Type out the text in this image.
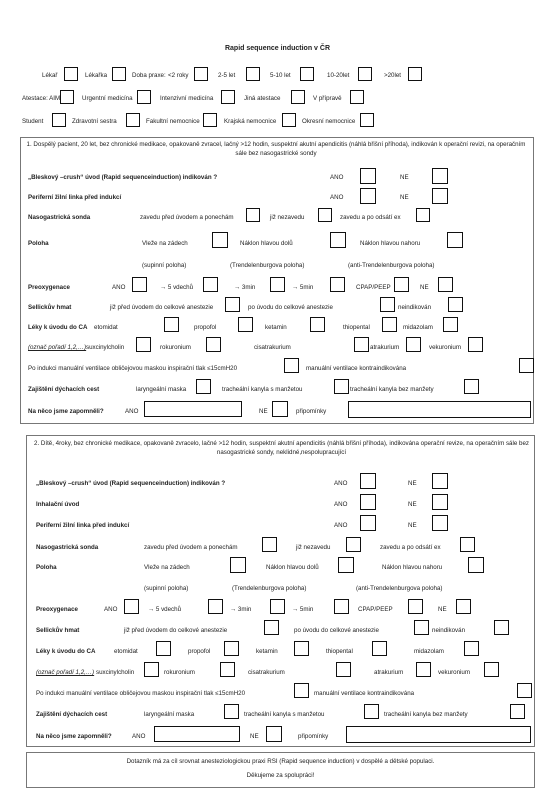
Rapid sequence induction v ČR
Lékař	Lékařka	Doba praxe: <2 roky	2-5 let	5-10 let	10-20let	>20let
Atestace: AIM	Urgentní medicína	Intenzivní medicína	Jiná atestace	V přípravě
Student	Zdravotní sestra	Fakultní nemocnice	Krajská nemocnice	Okresní nemocnice
1. Dospělý pacient, 20 let, bez chronické medikace, opakovaně zvracel, lačný >12 hodin, suspektní akutní apendicitis (náhlá břišní příhoda), indikován k operační revizi, na operačním sále bez nasogastrické sondy
„Bleskový –crush“ úvod (Rapid sequenceinduction) indikován ?	ANO	NE
Periferní žilní linka před indukcí	ANO	NE
Nasogastrická sonda	zavedu před úvodem a ponechám	již nezavedu	zavedu a po odsátí ex
Poloha	Vleže na zádech	Náklon hlavou dolů	Náklon hlavou nahoru
(supinní poloha)	(Trendelenburgova poloha)	(anti-Trendelenburgova poloha)
Preoxygenace	ANO	→ 5 vdechů	→ 3min	→ 5min	CPAP/PEEP	NE
Sellickův hmat	již před úvodem do celkové anestezie	po úvodu do celkové anestezie	neindikován
Léky k úvodu do CA etomidat	propofol	ketamin	thiopental	midazolam
(označ pořadí 1,2,…) suxcinylcholin	rokuronium	cisatrakurium	atrakurium	vekuronium
Po indukci manuální ventilace obličejovou maskou inspirační tlak ≤15cmH20	manuální ventilace kontraindikována
Zajištění dýchacích cest	laryngeální maska	tracheální kanyla s manžetou	tracheální kanyla bez manžety
Na něco jsme zapomněli?	ANO	NE	připomínky
2. Dítě, 4roky, bez chronické medikace, opakovaně zvracelo, lačné >12 hodin, suspektní akutní apendicitis (náhlá břišní příhoda), indikována operační revize, na operačním sále bez nasogastrické sondy, neklidné,nespolupracující
„Bleskový –crush“ úvod (Rapid sequenceinduction) indikován ?	ANO	NE
Inhalační úvod	ANO	NE
Periferní žilní linka před indukcí	ANO	NE
Nasogastrická sonda	zavedu před úvodem a ponechám	již nezavedu	zavedu a po odsátí ex
Poloha	Vleže na zádech	Náklon hlavou dolů	Náklon hlavou nahoru
(supinní poloha)	(Trendelenburgova poloha)	(anti-Trendelenburgova poloha)
Preoxygenace	ANO	→ 5 vdechů	→ 3min	→ 5min	CPAP/PEEP	NE
Sellickův hmat	již před úvodem do celkové anestezie	po úvodu do celkové anestezie	neindikován
Léky k úvodu do CA	etomidat	propofol	ketamin	thiopental	midazolam
(označ pořadí 1,2,…) suxcinylcholin	rokuronium	cisatrakurium	atrakurium	vekuronium
Po indukci manuální ventilace obličejovou maskou inspirační tlak ≤15cmH20	manuální ventilace kontraindikována
Zajištění dýchacích cest	laryngeální maska	tracheální kanyla s manžetou	tracheální kanyla bez manžety
Na něco jsme zapomněli?	ANO	NE	připomínky
Dotazník má za cíl srovnat anesteziologickou praxi RSI (Rapid sequence induction) v dospělé a dětské populaci.
Děkujeme za spolupráci!
